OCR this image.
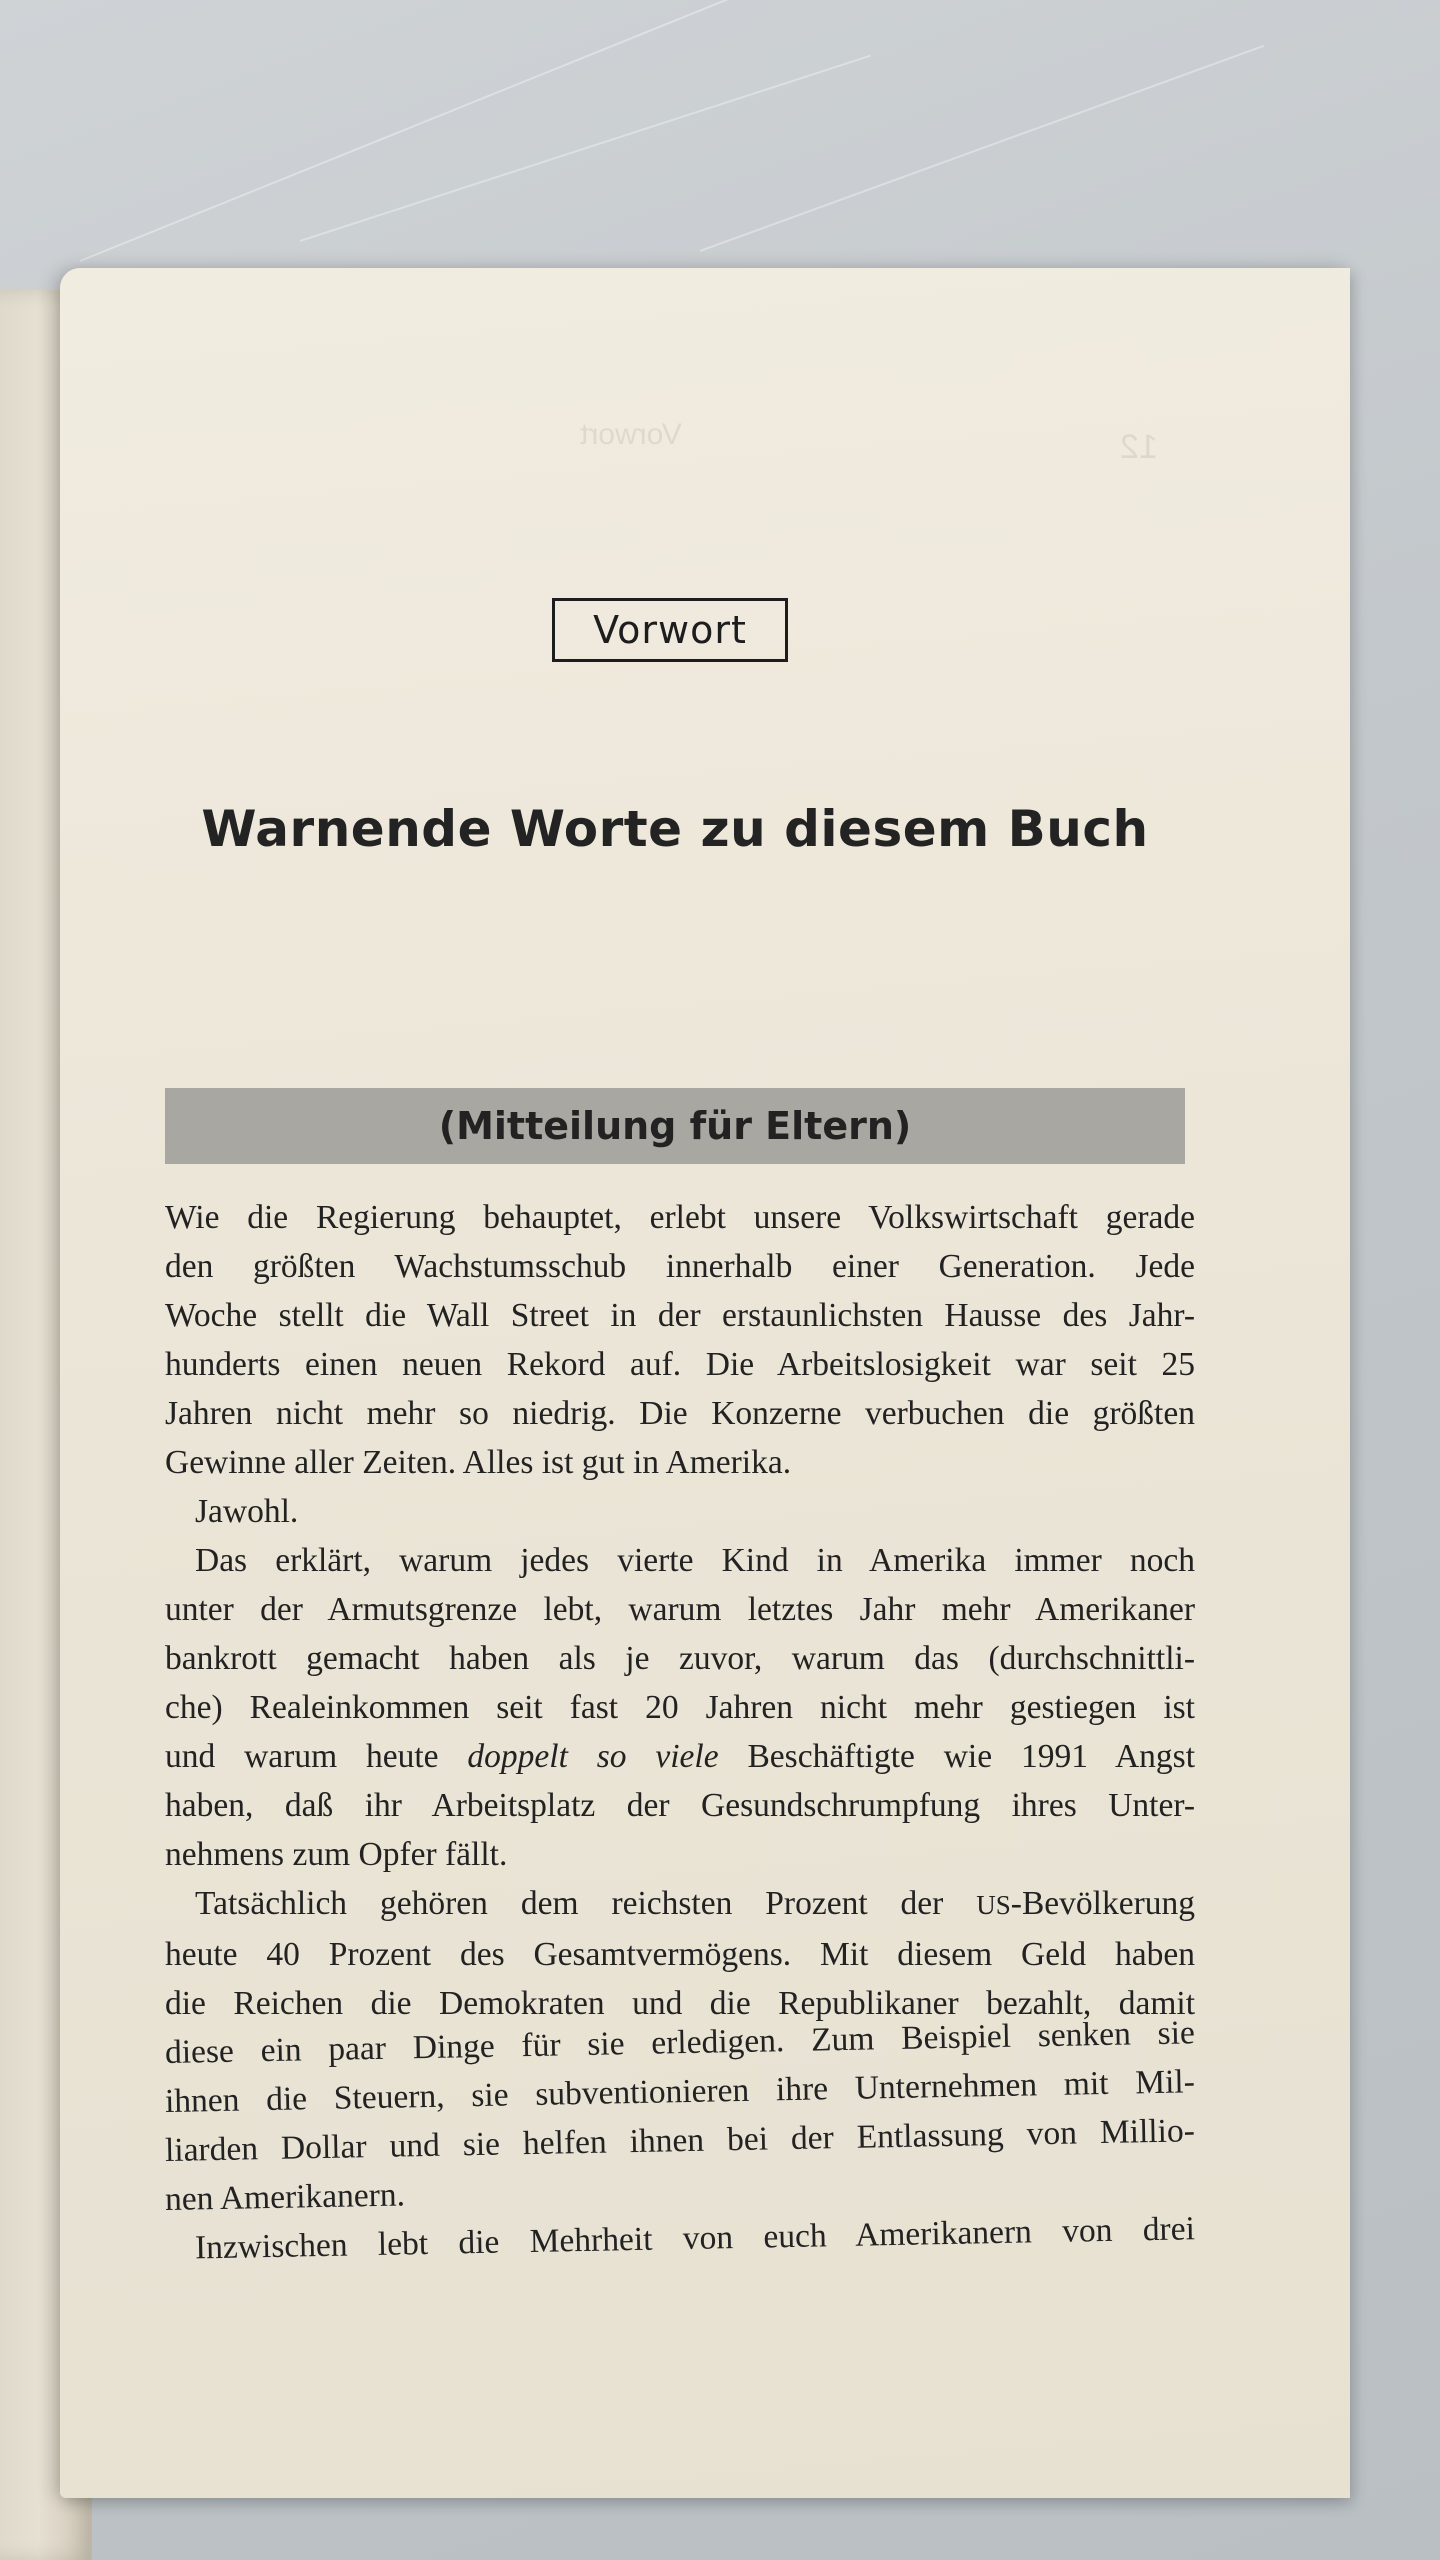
Vorwort	12
Vorwort
Warnende Worte zu diesem Buch
(Mitteilung für Eltern)
Wie die Regierung behauptet, erlebt unsere Volkswirtschaft gerade
den größten Wachstumsschub innerhalb einer Generation. Jede
Woche stellt die Wall Street in der erstaunlichsten Hausse des Jahr-
hunderts einen neuen Rekord auf. Die Arbeitslosigkeit war seit 25
Jahren nicht mehr so niedrig. Die Konzerne verbuchen die größten
Gewinne aller Zeiten. Alles ist gut in Amerika.
Jawohl.
Das erklärt, warum jedes vierte Kind in Amerika immer noch
unter der Armutsgrenze lebt, warum letztes Jahr mehr Amerikaner
bankrott gemacht haben als je zuvor, warum das (durchschnittli-
che) Realeinkommen seit fast 20 Jahren nicht mehr gestiegen ist
und warum heute doppelt so viele Beschäftigte wie 1991 Angst
haben, daß ihr Arbeitsplatz der Gesundschrumpfung ihres Unter-
nehmens zum Opfer fällt.
Tatsächlich gehören dem reichsten Prozent der US-Bevölkerung
heute 40 Prozent des Gesamtvermögens. Mit diesem Geld haben
die Reichen die Demokraten und die Republikaner bezahlt, damit
diese ein paar Dinge für sie erledigen. Zum Beispiel senken sie
ihnen die Steuern, sie subventionieren ihre Unternehmen mit Mil-
liarden Dollar und sie helfen ihnen bei der Entlassung von Millio-
nen Amerikanern.
Inzwischen lebt die Mehrheit von euch Amerikanern von drei
